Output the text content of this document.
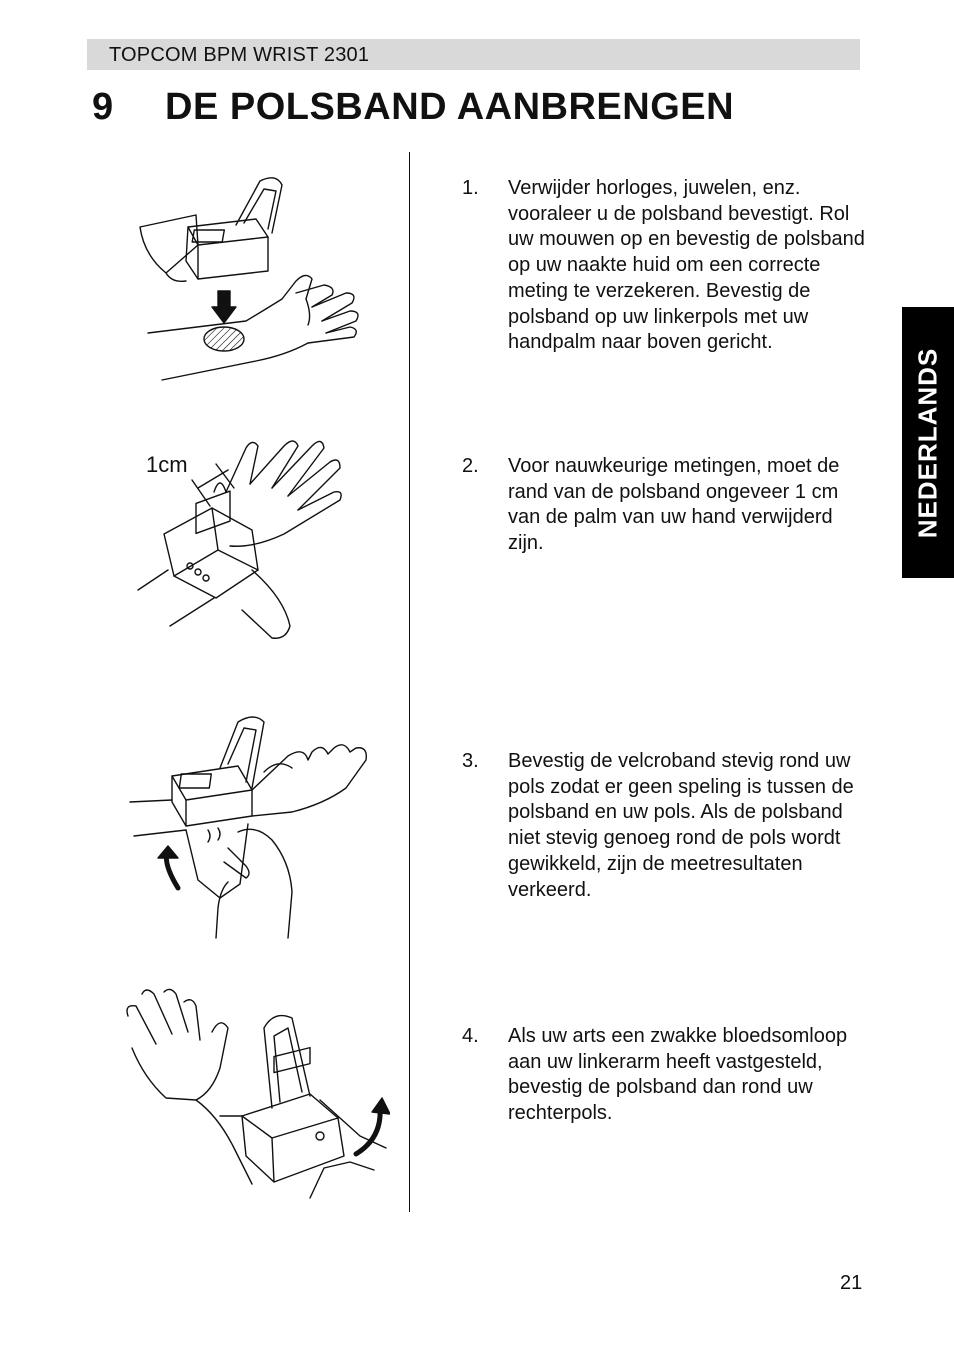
TOPCOM BPM WRIST 2301
9 DE POLSBAND AANBRENGEN
NEDERLANDS
1cm
1. Verwijder horloges, juwelen, enz. vooraleer u de polsband bevestigt. Rol uw mouwen op en bevestig de polsband op uw naakte huid om een correcte meting te verzekeren. Bevestig de polsband op uw linkerpols met uw handpalm naar boven gericht.
2. Voor nauwkeurige metingen, moet de rand van de polsband ongeveer 1 cm van de palm van uw hand verwijderd zijn.
3. Bevestig de velcroband stevig rond uw pols zodat er geen speling is tussen de polsband en uw pols. Als de polsband niet stevig genoeg rond de pols wordt gewikkeld, zijn de meetresultaten verkeerd.
4. Als uw arts een zwakke bloedsomloop aan uw linkerarm heeft vastgesteld, bevestig de polsband dan rond uw rechterpols.
21
